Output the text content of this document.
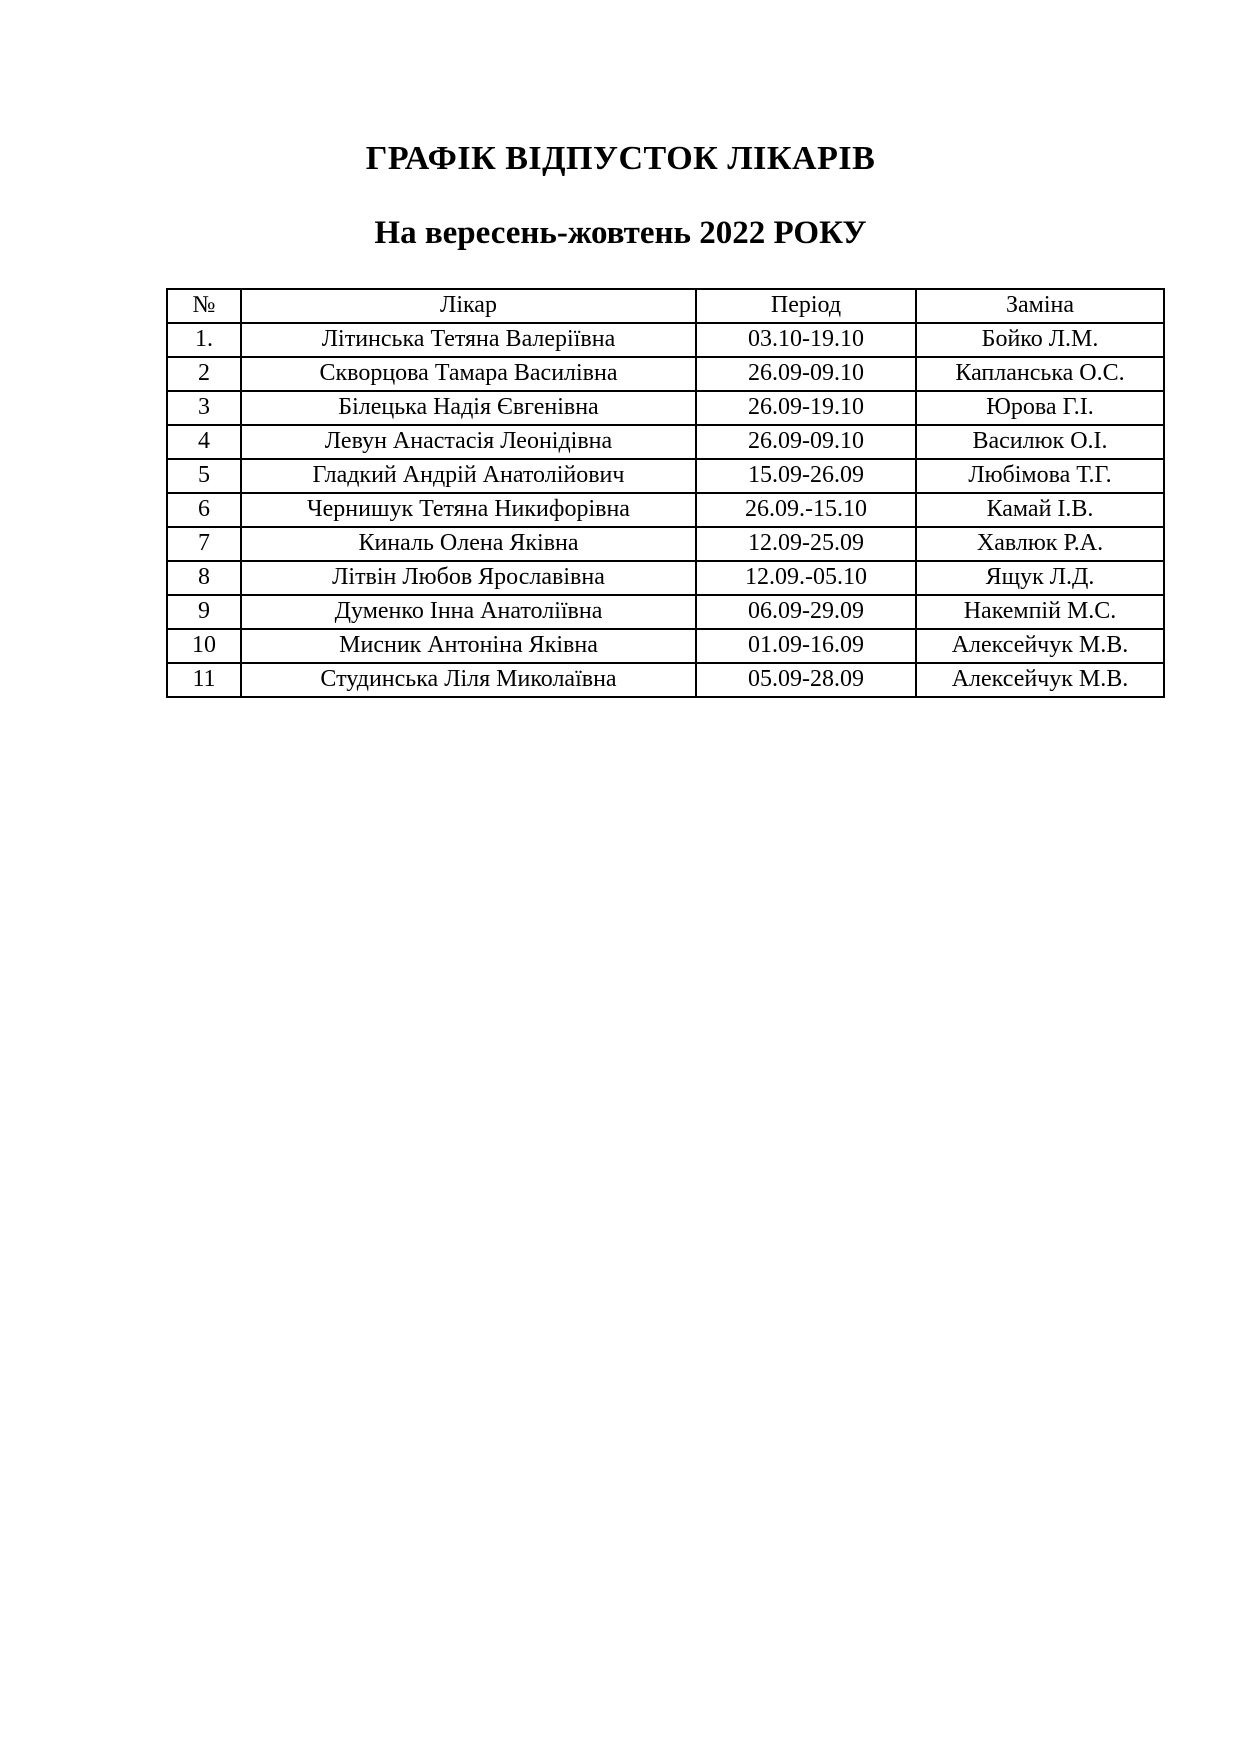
ГРАФІК ВІДПУСТОК ЛІКАРІВ
На вересень-жовтень 2022 РОКУ
№	Лікар	Період	Заміна
1.	Літинська Тетяна Валеріївна	03.10-19.10	Бойко Л.М.
2	Скворцова Тамара Василівна	26.09-09.10	Капланська О.С.
3	Білецька Надія Євгенівна	26.09-19.10	Юрова Г.І.
4	Левун Анастасія Леонідівна	26.09-09.10	Василюк О.І.
5	Гладкий Андрій Анатолійович	15.09-26.09	Любімова Т.Г.
6	Чернишук Тетяна Никифорівна	26.09.-15.10	Камай І.В.
7	Киналь Олена Яківна	12.09-25.09	Хавлюк Р.А.
8	Літвін Любов Ярославівна	12.09.-05.10	Ящук Л.Д.
9	Думенко Інна Анатоліївна	06.09-29.09	Накемпій М.С.
10	Мисник Антоніна Яківна	01.09-16.09	Алексейчук М.В.
11	Студинська Ліля Миколаївна	05.09-28.09	Алексейчук М.В.
